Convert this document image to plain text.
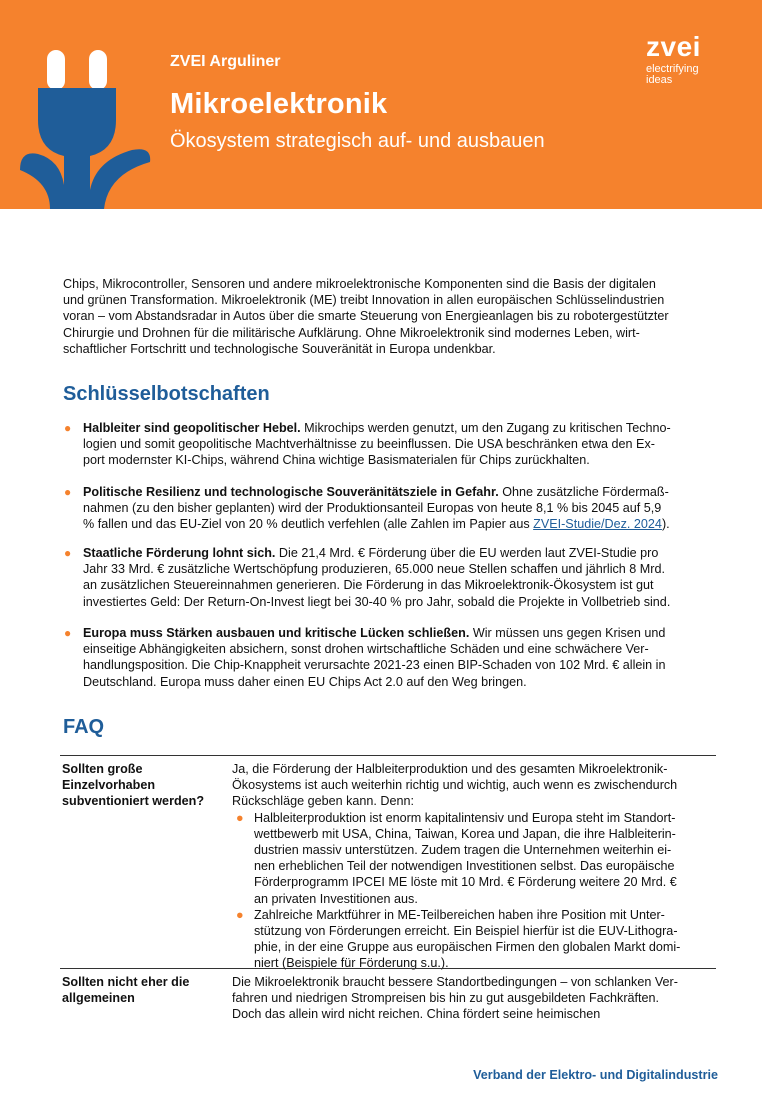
ZVEI Arguliner
Mikroelektronik
Ökosystem strategisch auf- und ausbauen
zvei
electrifying
ideas
Chips, Mikrocontroller, Sensoren und andere mikroelektronische Komponenten sind die Basis der digitalen
und grünen Transformation. Mikroelektronik (ME) treibt Innovation in allen europäischen Schlüsselindustrien
voran – vom Abstandsradar in Autos über die smarte Steuerung von Energieanlagen bis zu robotergestützter
Chirurgie und Drohnen für die militärische Aufklärung. Ohne Mikroelektronik sind modernes Leben, wirt-
schaftlicher Fortschritt und technologische Souveränität in Europa undenkbar.
Schlüsselbotschaften
● Halbleiter sind geopolitischer Hebel. Mikrochips werden genutzt, um den Zugang zu kritischen Techno-
logien und somit geopolitische Machtverhältnisse zu beeinflussen. Die USA beschränken etwa den Ex-
port modernster KI-Chips, während China wichtige Basismaterialen für Chips zurückhalten.
● Politische Resilienz und technologische Souveränitätsziele in Gefahr. Ohne zusätzliche Fördermaß-
nahmen (zu den bisher geplanten) wird der Produktionsanteil Europas von heute 8,1 % bis 2045 auf 5,9
% fallen und das EU-Ziel von 20 % deutlich verfehlen (alle Zahlen im Papier aus ZVEI-Studie/Dez. 2024).
● Staatliche Förderung lohnt sich. Die 21,4 Mrd. € Förderung über die EU werden laut ZVEI-Studie pro
Jahr 33 Mrd. € zusätzliche Wertschöpfung produzieren, 65.000 neue Stellen schaffen und jährlich 8 Mrd.
an zusätzlichen Steuereinnahmen generieren. Die Förderung in das Mikroelektronik-Ökosystem ist gut
investiertes Geld: Der Return-On-Invest liegt bei 30-40 % pro Jahr, sobald die Projekte in Vollbetrieb sind.
● Europa muss Stärken ausbauen und kritische Lücken schließen. Wir müssen uns gegen Krisen und
einseitige Abhängigkeiten absichern, sonst drohen wirtschaftliche Schäden und eine schwächere Ver-
handlungsposition. Die Chip-Knappheit verursachte 2021-23 einen BIP-Schaden von 102 Mrd. € allein in
Deutschland. Europa muss daher einen EU Chips Act 2.0 auf den Weg bringen.
FAQ
Sollten große
Einzelvorhaben
subventioniert werden?
Ja, die Förderung der Halbleiterproduktion und des gesamten Mikroelektronik-
Ökosystems ist auch weiterhin richtig und wichtig, auch wenn es zwischendurch
Rückschläge geben kann. Denn:
● Halbleiterproduktion ist enorm kapitalintensiv und Europa steht im Standort-
wettbewerb mit USA, China, Taiwan, Korea und Japan, die ihre Halbleiterin-
dustrien massiv unterstützen. Zudem tragen die Unternehmen weiterhin ei-
nen erheblichen Teil der notwendigen Investitionen selbst. Das europäische
Förderprogramm IPCEI ME löste mit 10 Mrd. € Förderung weitere 20 Mrd. €
an privaten Investitionen aus.
● Zahlreiche Marktführer in ME-Teilbereichen haben ihre Position mit Unter-
stützung von Förderungen erreicht. Ein Beispiel hierfür ist die EUV-Lithogra-
phie, in der eine Gruppe aus europäischen Firmen den globalen Markt domi-
niert (Beispiele für Förderung s.u.).
Sollten nicht eher die
allgemeinen
Die Mikroelektronik braucht bessere Standortbedingungen – von schlanken Ver-
fahren und niedrigen Strompreisen bis hin zu gut ausgebildeten Fachkräften.
Doch das allein wird nicht reichen. China fördert seine heimischen
Verband der Elektro- und Digitalindustrie
